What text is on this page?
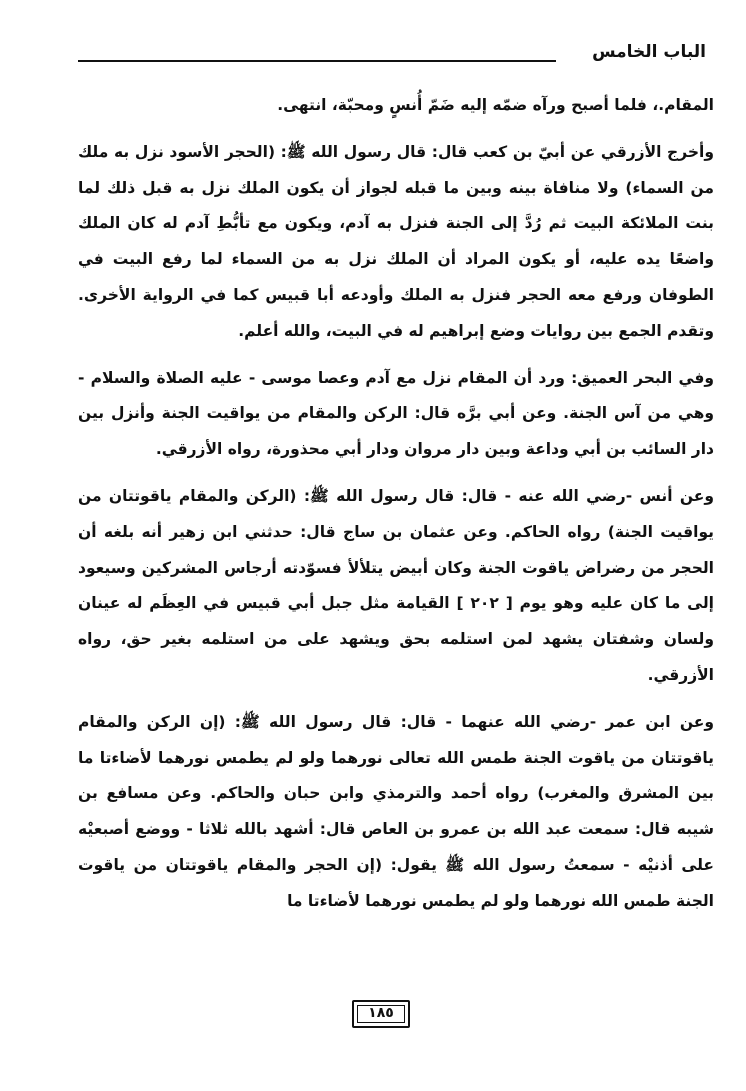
الباب الخامس

المقام.، فلما أصبح ورآه ضمّه إليه ضَمّ أُنسٍ ومحبّة، انتهى.

وأخرج الأزرقي عن أبيّ بن كعب قال: قال رسول الله ﷺ: (الحجر الأسود نزل به ملك من السماء) ولا منافاة بينه وبين ما قبله لجواز أن يكون الملك نزل به قبل ذلك لما بنت الملائكة البيت ثم رُدَّ إلى الجنة فنزل به آدم، ويكون مع تأبُّطِ آدم له كان الملك واضعًا يده عليه، أو يكون المراد أن الملك نزل به من السماء لما رفع البيت في الطوفان ورفع معه الحجر فنزل به الملك وأودعه أبا قبيس كما في الرواية الأخرى. وتقدم الجمع بين روايات وضع إبراهيم له في البيت، والله أعلم.

وفي البحر العميق: ورد أن المقام نزل مع آدم وعصا موسى - عليه الصلاة والسلام - وهي من آس الجنة. وعن أبي برَّه قال: الركن والمقام من يواقيت الجنة وأنزل بين دار السائب بن أبي وداعة وبين دار مروان ودار أبي محذورة، رواه الأزرقي.

وعن أنس -رضي الله عنه - قال: قال رسول الله ﷺ: (الركن والمقام ياقوتتان من يواقيت الجنة) رواه الحاكم. وعن عثمان بن ساج قال: حدثني ابن زهير أنه بلغه أن الحجر من رضراض ياقوت الجنة وكان أبيض يتلألأ فسوّدته أرجاس المشركين وسيعود إلى ما كان عليه وهو يوم [ ٢٠٢ ] القيامة مثل جبل أبي قبيس في العِظَم له عينان ولسان وشفتان يشهد لمن استلمه بحق ويشهد على من استلمه بغير حق، رواه الأزرقي.

وعن ابن عمر -رضي الله عنهما - قال: قال رسول الله ﷺ: (إن الركن والمقام ياقوتتان من ياقوت الجنة طمس الله تعالى نورهما ولو لم يطمس نورهما لأضاءتا ما بين المشرق والمغرب) رواه أحمد والترمذي وابن حبان والحاكم. وعن مسافع بن شيبه قال: سمعت عبد الله بن عمرو بن العاص قال: أشهد بالله ثلاثا - ووضع أصبعيْه على أذنيْه - سمعتُ رسول الله ﷺ يقول: (إن الحجر والمقام ياقوتتان من ياقوت الجنة طمس الله نورهما ولو لم يطمس نورهما لأضاءتا ما

١٨٥
